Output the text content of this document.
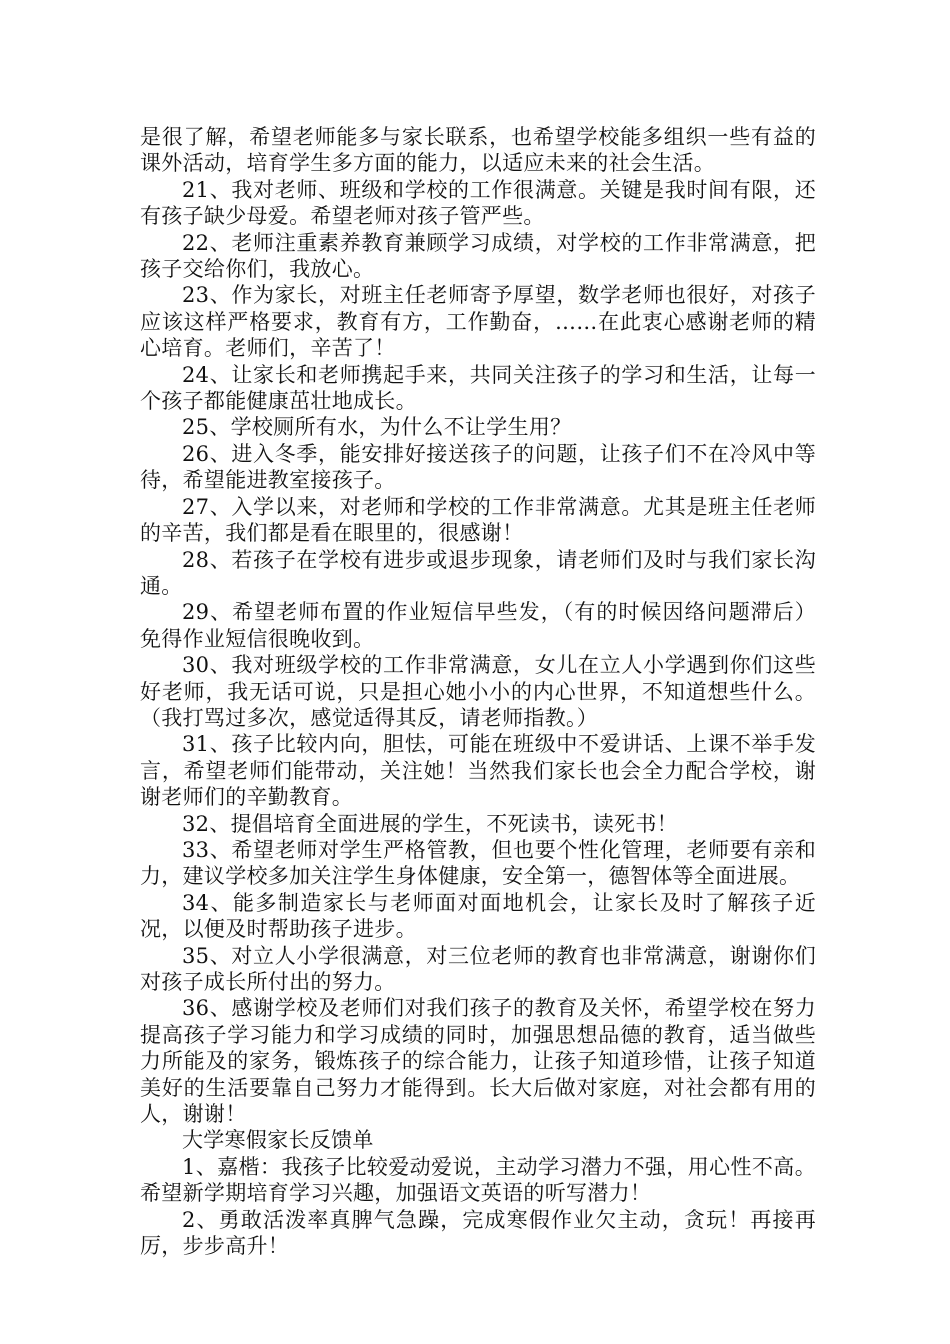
是很了解，希望老师能多与家长联系，也希望学校能多组织一些有益的课外活动，培育学生多方面的能力，以适应未来的社会生活。

21、我对老师、班级和学校的工作很满意。关键是我时间有限，还有孩子缺少母爱。希望老师对孩子管严些。

22、老师注重素养教育兼顾学习成绩，对学校的工作非常满意，把孩子交给你们，我放心。

23、作为家长，对班主任老师寄予厚望，数学老师也很好，对孩子应该这样严格要求，教育有方，工作勤奋，……在此衷心感谢老师的精心培育。老师们，辛苦了！

24、让家长和老师携起手来，共同关注孩子的学习和生活，让每一个孩子都能健康茁壮地成长。

25、学校厕所有水，为什么不让学生用？

26、进入冬季，能安排好接送孩子的问题，让孩子们不在冷风中等待，希望能进教室接孩子。

27、入学以来，对老师和学校的工作非常满意。尤其是班主任老师的辛苦，我们都是看在眼里的，很感谢！

28、若孩子在学校有进步或退步现象，请老师们及时与我们家长沟通。

29、希望老师布置的作业短信早些发，（有的时候因络问题滞后）免得作业短信很晚收到。

30、我对班级学校的工作非常满意，女儿在立人小学遇到你们这些好老师，我无话可说，只是担心她小小的内心世界，不知道想些什么。（我打骂过多次，感觉适得其反，请老师指教。）

31、孩子比较内向，胆怯，可能在班级中不爱讲话、上课不举手发言，希望老师们能带动，关注她！当然我们家长也会全力配合学校，谢谢老师们的辛勤教育。

32、提倡培育全面进展的学生，不死读书，读死书！

33、希望老师对学生严格管教，但也要个性化管理，老师要有亲和力，建议学校多加关注学生身体健康，安全第一，德智体等全面进展。

34、能多制造家长与老师面对面地机会，让家长及时了解孩子近况，以便及时帮助孩子进步。

35、对立人小学很满意，对三位老师的教育也非常满意，谢谢你们对孩子成长所付出的努力。

36、感谢学校及老师们对我们孩子的教育及关怀，希望学校在努力提高孩子学习能力和学习成绩的同时，加强思想品德的教育，适当做些力所能及的家务，锻炼孩子的综合能力，让孩子知道珍惜，让孩子知道美好的生活要靠自己努力才能得到。长大后做对家庭，对社会都有用的人，谢谢！

大学寒假家长反馈单

1、嘉楷：我孩子比较爱动爱说，主动学习潜力不强，用心性不高。希望新学期培育学习兴趣，加强语文英语的听写潜力！

2、勇敢活泼率真脾气急躁，完成寒假作业欠主动，贪玩！再接再厉，步步高升！
